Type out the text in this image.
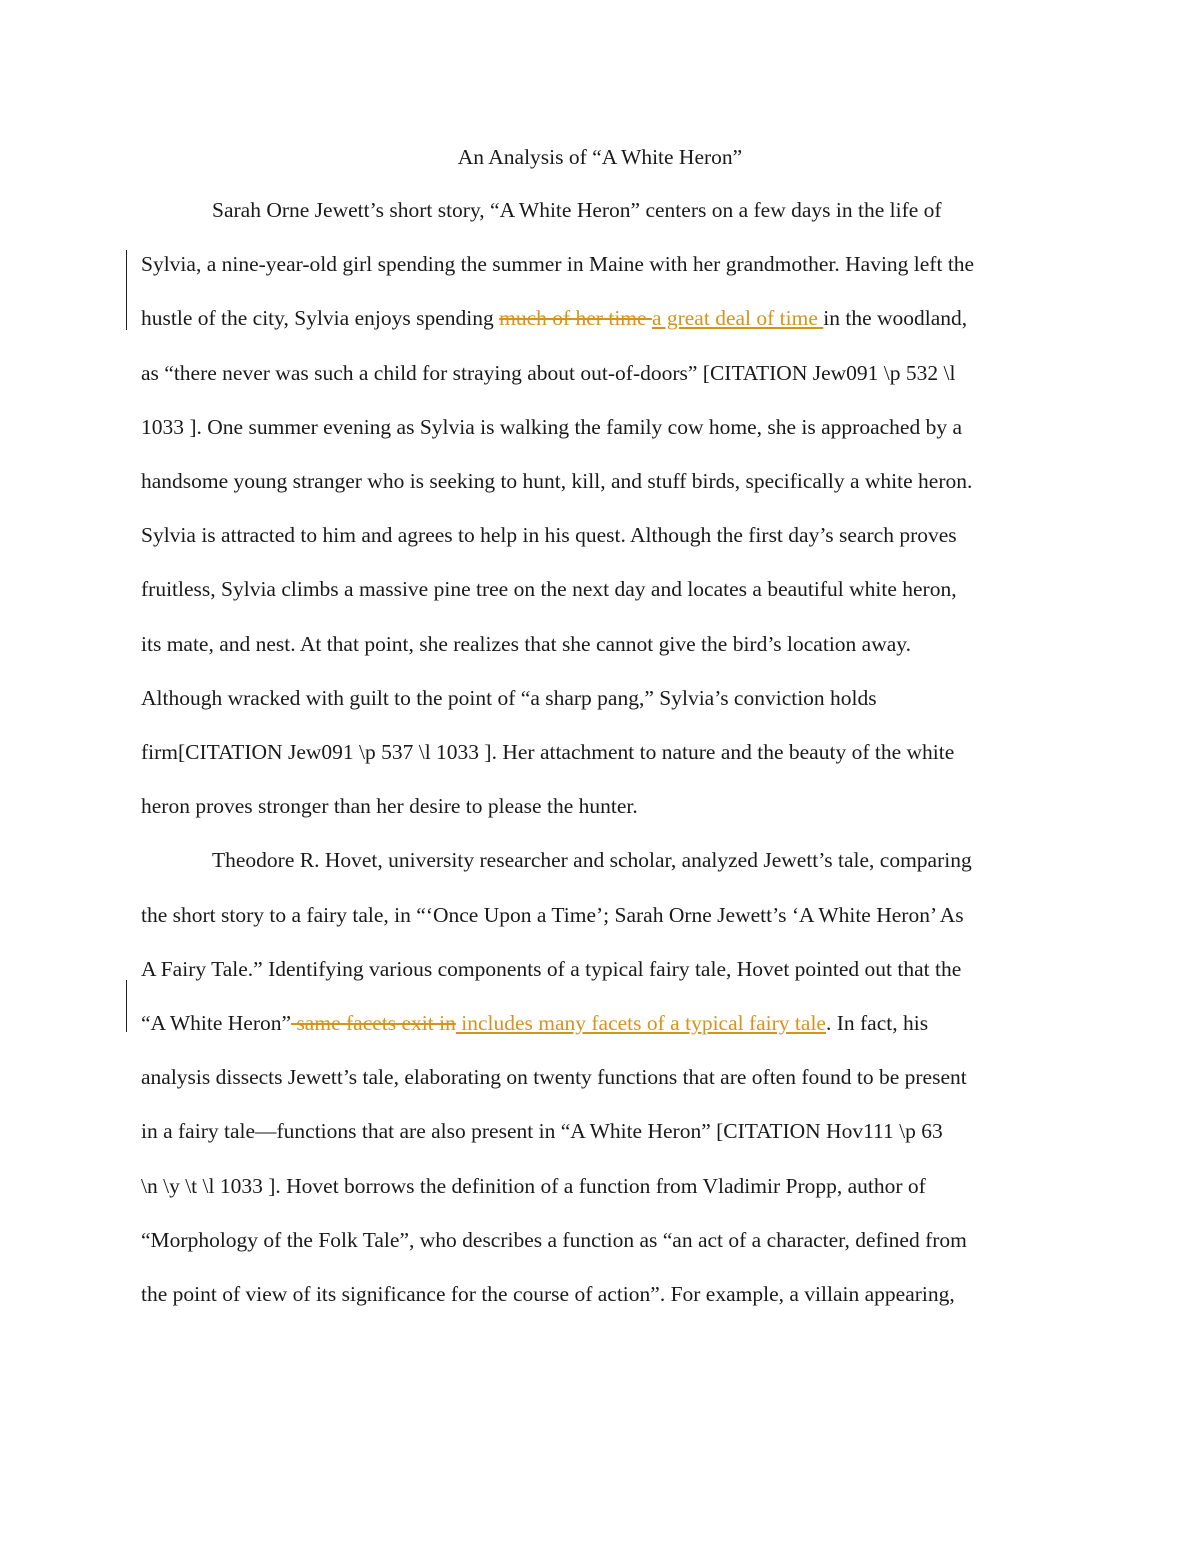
An Analysis of “A White Heron”
Sarah Orne Jewett’s short story, “A White Heron” centers on a few days in the life of
Sylvia, a nine-year-old girl spending the summer in Maine with her grandmother. Having left the
hustle of the city, Sylvia enjoys spending much of her time a great deal of time in the woodland,
as “there never was such a child for straying about out-of-doors” [CITATION Jew091 \p 532 \l
1033 ]. One summer evening as Sylvia is walking the family cow home, she is approached by a
handsome young stranger who is seeking to hunt, kill, and stuff birds, specifically a white heron.
Sylvia is attracted to him and agrees to help in his quest. Although the first day’s search proves
fruitless, Sylvia climbs a massive pine tree on the next day and locates a beautiful white heron,
its mate, and nest. At that point, she realizes that she cannot give the bird’s location away.
Although wracked with guilt to the point of “a sharp pang,” Sylvia’s conviction holds
firm[CITATION Jew091 \p 537 \l 1033 ]. Her attachment to nature and the beauty of the white
heron proves stronger than her desire to please the hunter.
Theodore R. Hovet, university researcher and scholar, analyzed Jewett’s tale, comparing
the short story to a fairy tale, in “‘Once Upon a Time’; Sarah Orne Jewett’s ‘A White Heron’ As
A Fairy Tale.” Identifying various components of a typical fairy tale, Hovet pointed out that the
“A White Heron” same facets exit in includes many facets of a typical fairy tale. In fact, his
analysis dissects Jewett’s tale, elaborating on twenty functions that are often found to be present
in a fairy tale—functions that are also present in “A White Heron” [CITATION Hov111 \p 63
\n \y \t \l 1033 ]. Hovet borrows the definition of a function from Vladimir Propp, author of
“Morphology of the Folk Tale”, who describes a function as “an act of a character, defined from
the point of view of its significance for the course of action”. For example, a villain appearing,
